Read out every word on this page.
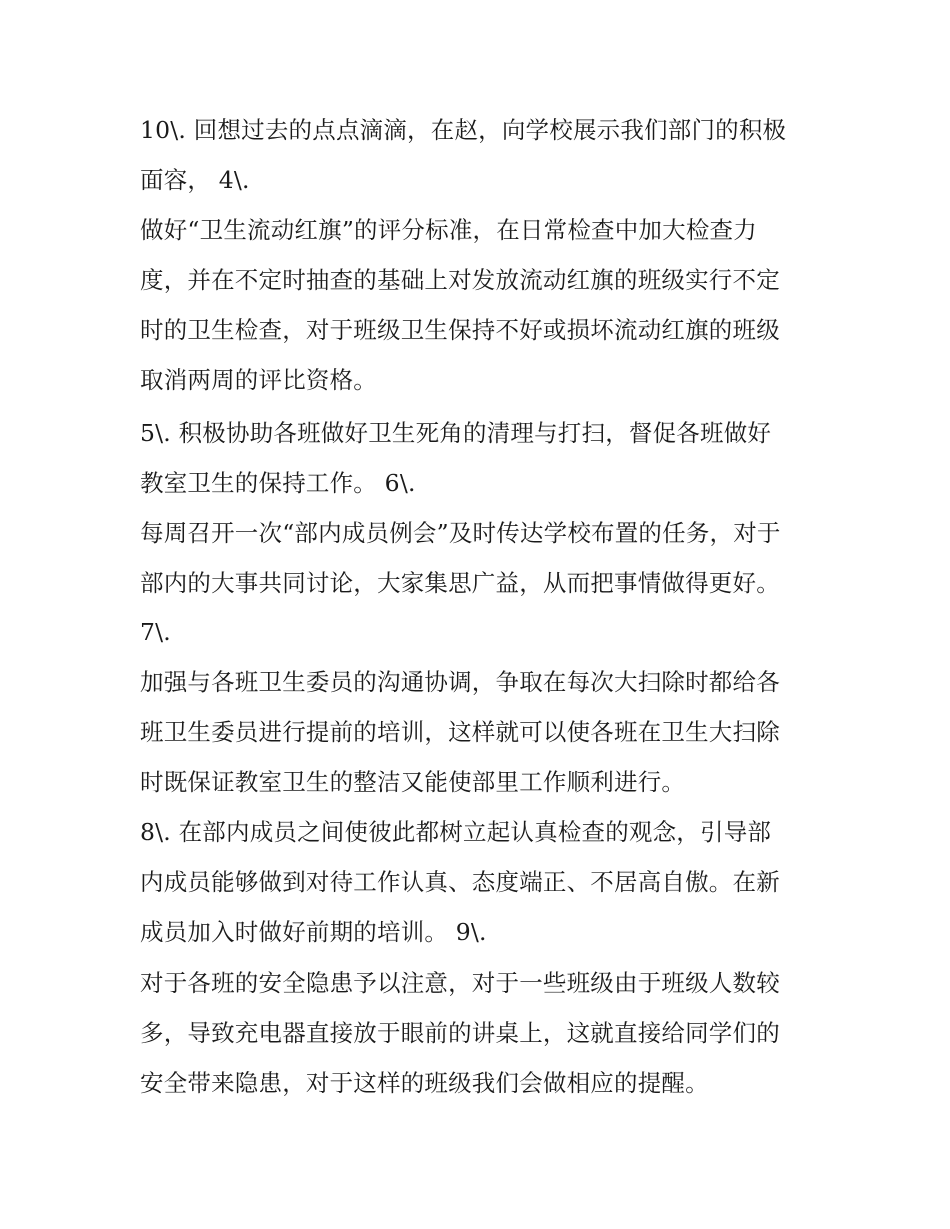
10\. 回想过去的点点滴滴，在赵，向学校展示我们部门的积极
面容， 4\.
做好“卫生流动红旗”的评分标准，在日常检查中加大检查力
度，并在不定时抽查的基础上对发放流动红旗的班级实行不定
时的卫生检查，对于班级卫生保持不好或损坏流动红旗的班级
取消两周的评比资格。
5\. 积极协助各班做好卫生死角的清理与打扫，督促各班做好
教室卫生的保持工作。 6\.
每周召开一次“部内成员例会”及时传达学校布置的任务，对于
部内的大事共同讨论，大家集思广益，从而把事情做得更好。
7\.
加强与各班卫生委员的沟通协调，争取在每次大扫除时都给各
班卫生委员进行提前的培训，这样就可以使各班在卫生大扫除
时既保证教室卫生的整洁又能使部里工作顺利进行。
8\. 在部内成员之间使彼此都树立起认真检查的观念，引导部
内成员能够做到对待工作认真、态度端正、不居高自傲。在新
成员加入时做好前期的培训。 9\.
对于各班的安全隐患予以注意，对于一些班级由于班级人数较
多，导致充电器直接放于眼前的讲桌上，这就直接给同学们的
安全带来隐患，对于这样的班级我们会做相应的提醒。
